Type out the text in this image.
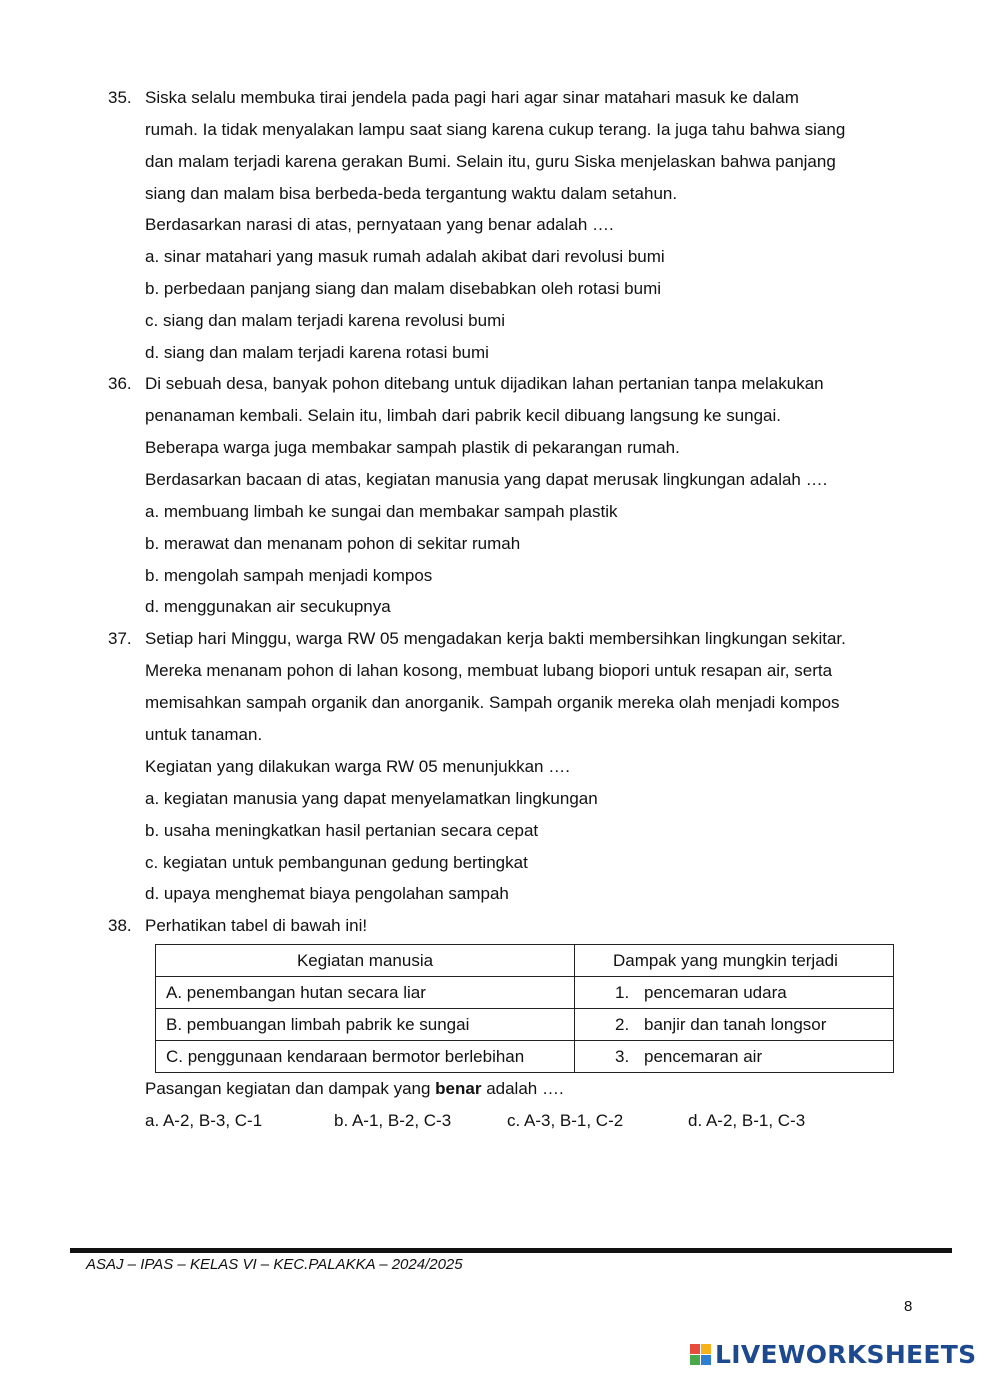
35. Siska selalu membuka tirai jendela pada pagi hari agar sinar matahari masuk ke dalam
rumah. Ia tidak menyalakan lampu saat siang karena cukup terang. Ia juga tahu bahwa siang
dan malam terjadi karena gerakan Bumi. Selain itu, guru Siska menjelaskan bahwa panjang
siang dan malam bisa berbeda-beda tergantung waktu dalam setahun.
Berdasarkan narasi di atas, pernyataan yang benar adalah ….
a. sinar matahari yang masuk rumah adalah akibat dari revolusi bumi
b. perbedaan panjang siang dan malam disebabkan oleh rotasi bumi
c. siang dan malam terjadi karena revolusi bumi
d. siang dan malam terjadi karena rotasi bumi
36. Di sebuah desa, banyak pohon ditebang untuk dijadikan lahan pertanian tanpa melakukan
penanaman kembali. Selain itu, limbah dari pabrik kecil dibuang langsung ke sungai.
Beberapa warga juga membakar sampah plastik di pekarangan rumah.
Berdasarkan bacaan di atas, kegiatan manusia yang dapat merusak lingkungan adalah ….
a. membuang limbah ke sungai dan membakar sampah plastik
b. merawat dan menanam pohon di sekitar rumah
b. mengolah sampah menjadi kompos
d. menggunakan air secukupnya
37. Setiap hari Minggu, warga RW 05 mengadakan kerja bakti membersihkan lingkungan sekitar.
Mereka menanam pohon di lahan kosong, membuat lubang biopori untuk resapan air, serta
memisahkan sampah organik dan anorganik. Sampah organik mereka olah menjadi kompos
untuk tanaman.
Kegiatan yang dilakukan warga RW 05 menunjukkan ….
a. kegiatan manusia yang dapat menyelamatkan lingkungan
b. usaha meningkatkan hasil pertanian secara cepat
c. kegiatan untuk pembangunan gedung bertingkat
d. upaya menghemat biaya pengolahan sampah
38. Perhatikan tabel di bawah ini!
Kegiatan manusia	Dampak yang mungkin terjadi
A. penembangan hutan secara liar	1. pencemaran udara
B. pembuangan limbah pabrik ke sungai	2. banjir dan tanah longsor
C. penggunaan kendaraan bermotor berlebihan	3. pencemaran air
Pasangan kegiatan dan dampak yang benar adalah ….
a. A-2, B-3, C-1	b. A-1, B-2, C-3	c. A-3, B-1, C-2	d. A-2, B-1, C-3
ASAJ – IPAS – KELAS VI – KEC.PALAKKA – 2024/2025
8
LIVEWORKSHEETS
